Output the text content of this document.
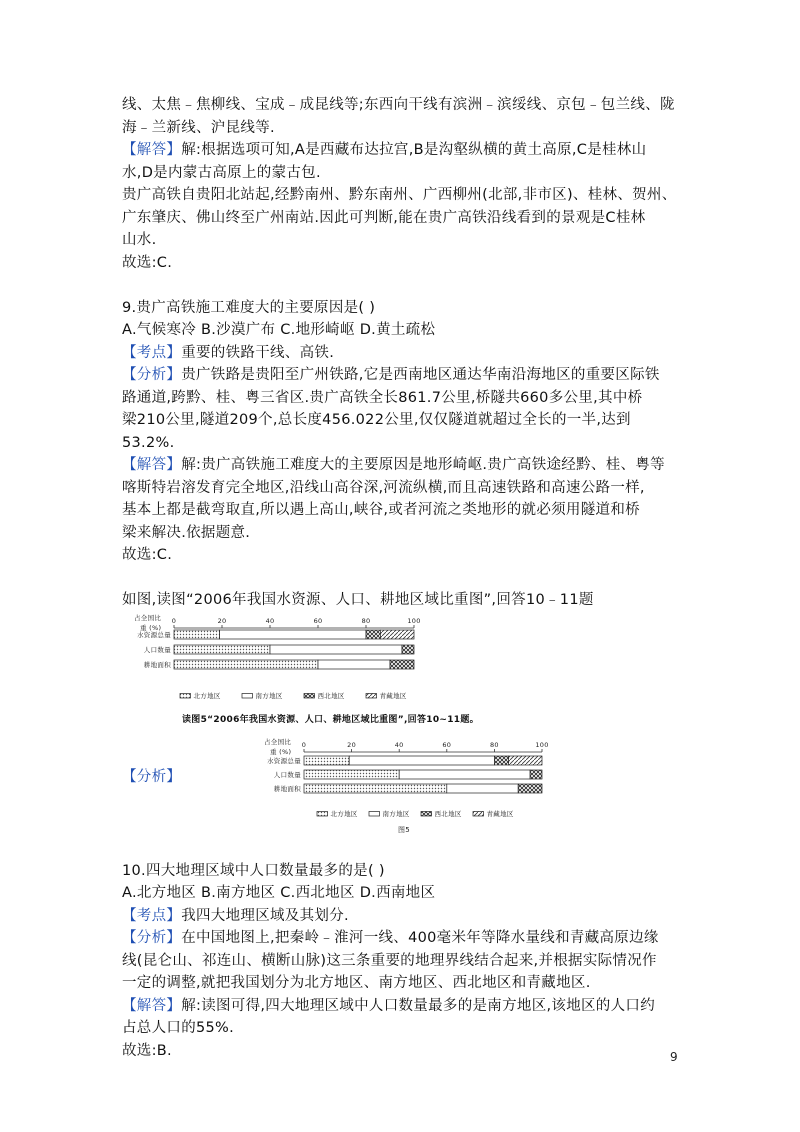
线、太焦﹣焦柳线、宝成﹣成昆线等;东西向干线有滨洲﹣滨绥线、京包﹣包兰线、陇

海﹣兰新线、沪昆线等.

【解答】解:根据选项可知,A是西藏布达拉宫,B是沟壑纵横的黄土高原,C是桂林山

水,D是内蒙古高原上的蒙古包.

贵广高铁自贵阳北站起,经黔南州、黔东南州、广西柳州(北部,非市区)、桂林、贺州、

广东肇庆、佛山终至广州南站.因此可判断,能在贵广高铁沿线看到的景观是C桂林

山水.

故选:C.

9.贵广高铁施工难度大的主要原因是( )

A.气候寒冷 B.沙漠广布 C.地形崎岖 D.黄土疏松

【考点】重要的铁路干线、高铁.

【分析】贵广铁路是贵阳至广州铁路,它是西南地区通达华南沿海地区的重要区际铁

路通道,跨黔、桂、粤三省区.贵广高铁全长861.7公里,桥隧共660多公里,其中桥

梁210公里,隧道209个,总长度456.022公里,仅仅隧道就超过全长的一半,达到

53.2%.

【解答】解:贵广高铁施工难度大的主要原因是地形崎岖.贵广高铁途经黔、桂、粤等

喀斯特岩溶发育完全地区,沿线山高谷深,河流纵横,而且高速铁路和高速公路一样,

基本上都是截弯取直,所以遇上高山,峡谷,或者河流之类地形的就必须用隧道和桥

梁来解决.依据题意.

故选:C.

如图,读图“2006年我国水资源、人口、耕地区域比重图”,回答10﹣11题

占全国比
重 (%)
0	20	40	60	80	100
水资源总量
人口数量
耕地面积
北方地区	南方地区	西北地区	青藏地区
【分析】
读图5“2006年我国水资源、人口、耕地区域比重图”,回答10~11题。
占全国比
重 (%)
0	20	40	60	80	100
水资源总量
人口数量
耕地面积
北方地区	南方地区	西北地区	青藏地区
图5

10.四大地理区域中人口数量最多的是( )

A.北方地区 B.南方地区 C.西北地区 D.西南地区

【考点】我四大地理区域及其划分.

【分析】在中国地图上,把秦岭﹣淮河一线、400毫米年等降水量线和青藏高原边缘

线(昆仑山、祁连山、横断山脉)这三条重要的地理界线结合起来,并根据实际情况作

一定的调整,就把我国划分为北方地区、南方地区、西北地区和青藏地区.

【解答】解:读图可得,四大地理区域中人口数量最多的是南方地区,该地区的人口约

占总人口的55%.

故选:B.	9
